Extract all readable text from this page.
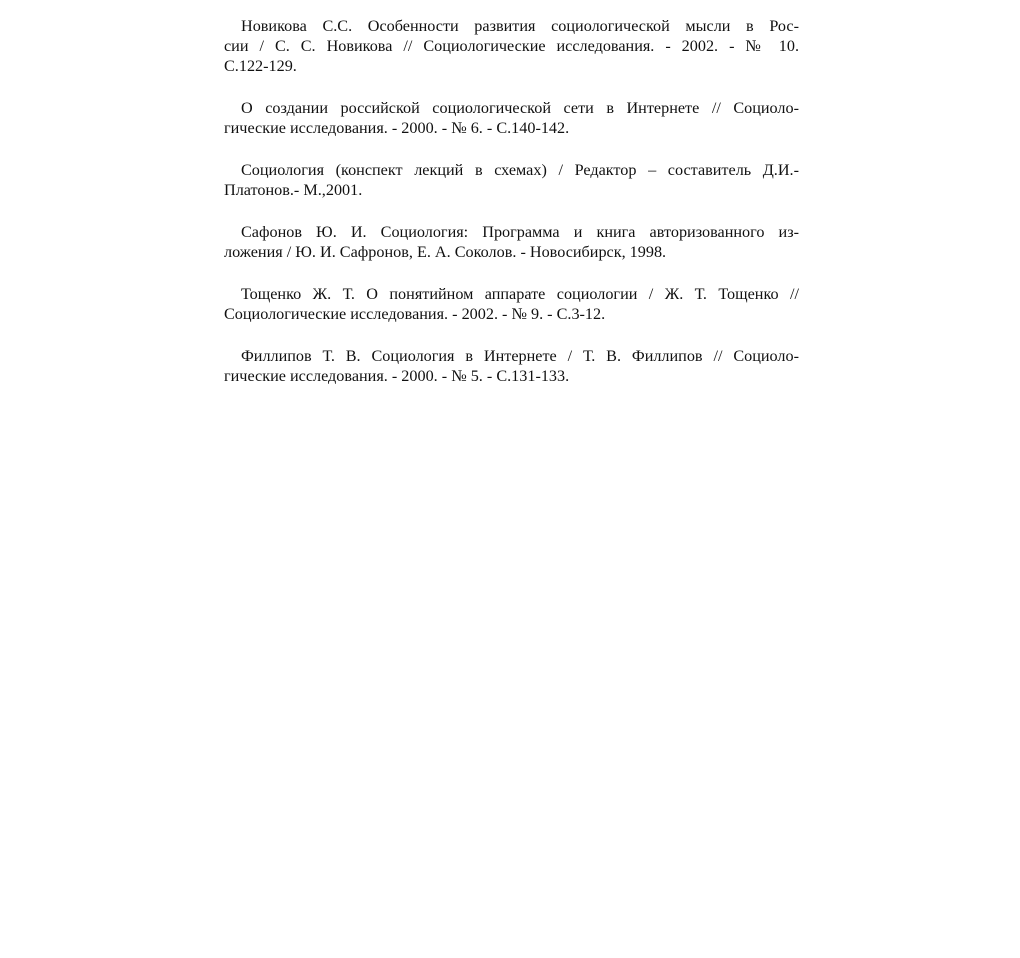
Новикова С.С. Особенности развития социологической мысли в Рос-
сии / С. С. Новикова // Социологические исследования. - 2002. - № 10.
С.122-129.

О создании российской социологической сети в Интернете // Социоло-
гические исследования. - 2000. - № 6. - С.140-142.

Социология (конспект лекций в схемах) / Редактор – составитель Д.И.-
Платонов.- М.,2001.

Сафонов Ю. И. Социология: Программа и книга авторизованного из-
ложения / Ю. И. Сафронов, Е. А. Соколов. - Новосибирск, 1998.

Тощенко Ж. Т. О понятийном аппарате социологии / Ж. Т. Тощенко //
Социологические исследования. - 2002. - № 9. - С.3-12.

Филлипов Т. В. Социология в Интернете / Т. В. Филлипов // Социоло-
гические исследования. - 2000. - № 5. - С.131-133.
